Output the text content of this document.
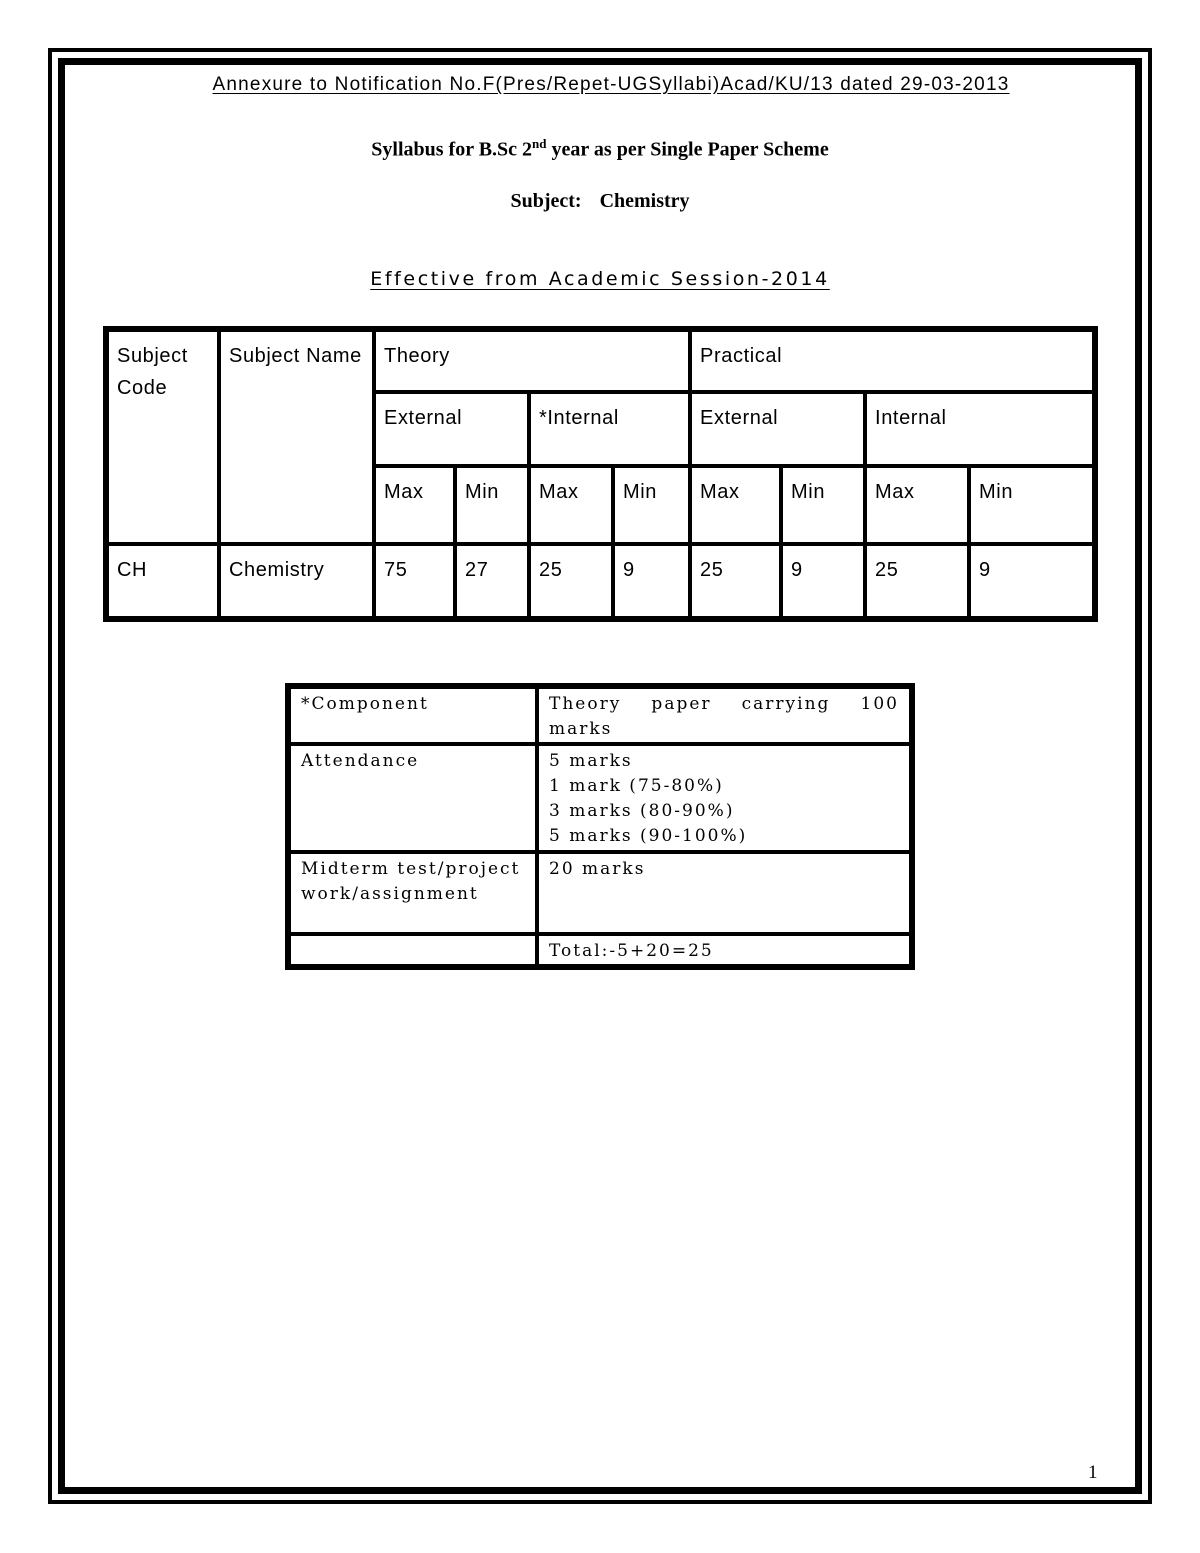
Annexure to Notification No.F(Pres/Repet-UGSyllabi)Acad/KU/13 dated 29-03-2013
Syllabus for B.Sc 2nd year as per Single Paper Scheme
Subject: Chemistry
Effective from Academic Session-2014
Subject Code	Subject Name	Theory				Practical			
		External		*Internal		External		Internal	
		Max	Min	Max	Min	Max	Min	Max	Min
CH	Chemistry	75	27	25	9	25	9	25	9
*Component	Theory paper carrying 100 marks
Attendance	5 marks
1 mark (75-80%)
3 marks (80-90%)
5 marks (90-100%)

Midterm test/project work/assignment	20 marks
	Total:-5+20=25
1
